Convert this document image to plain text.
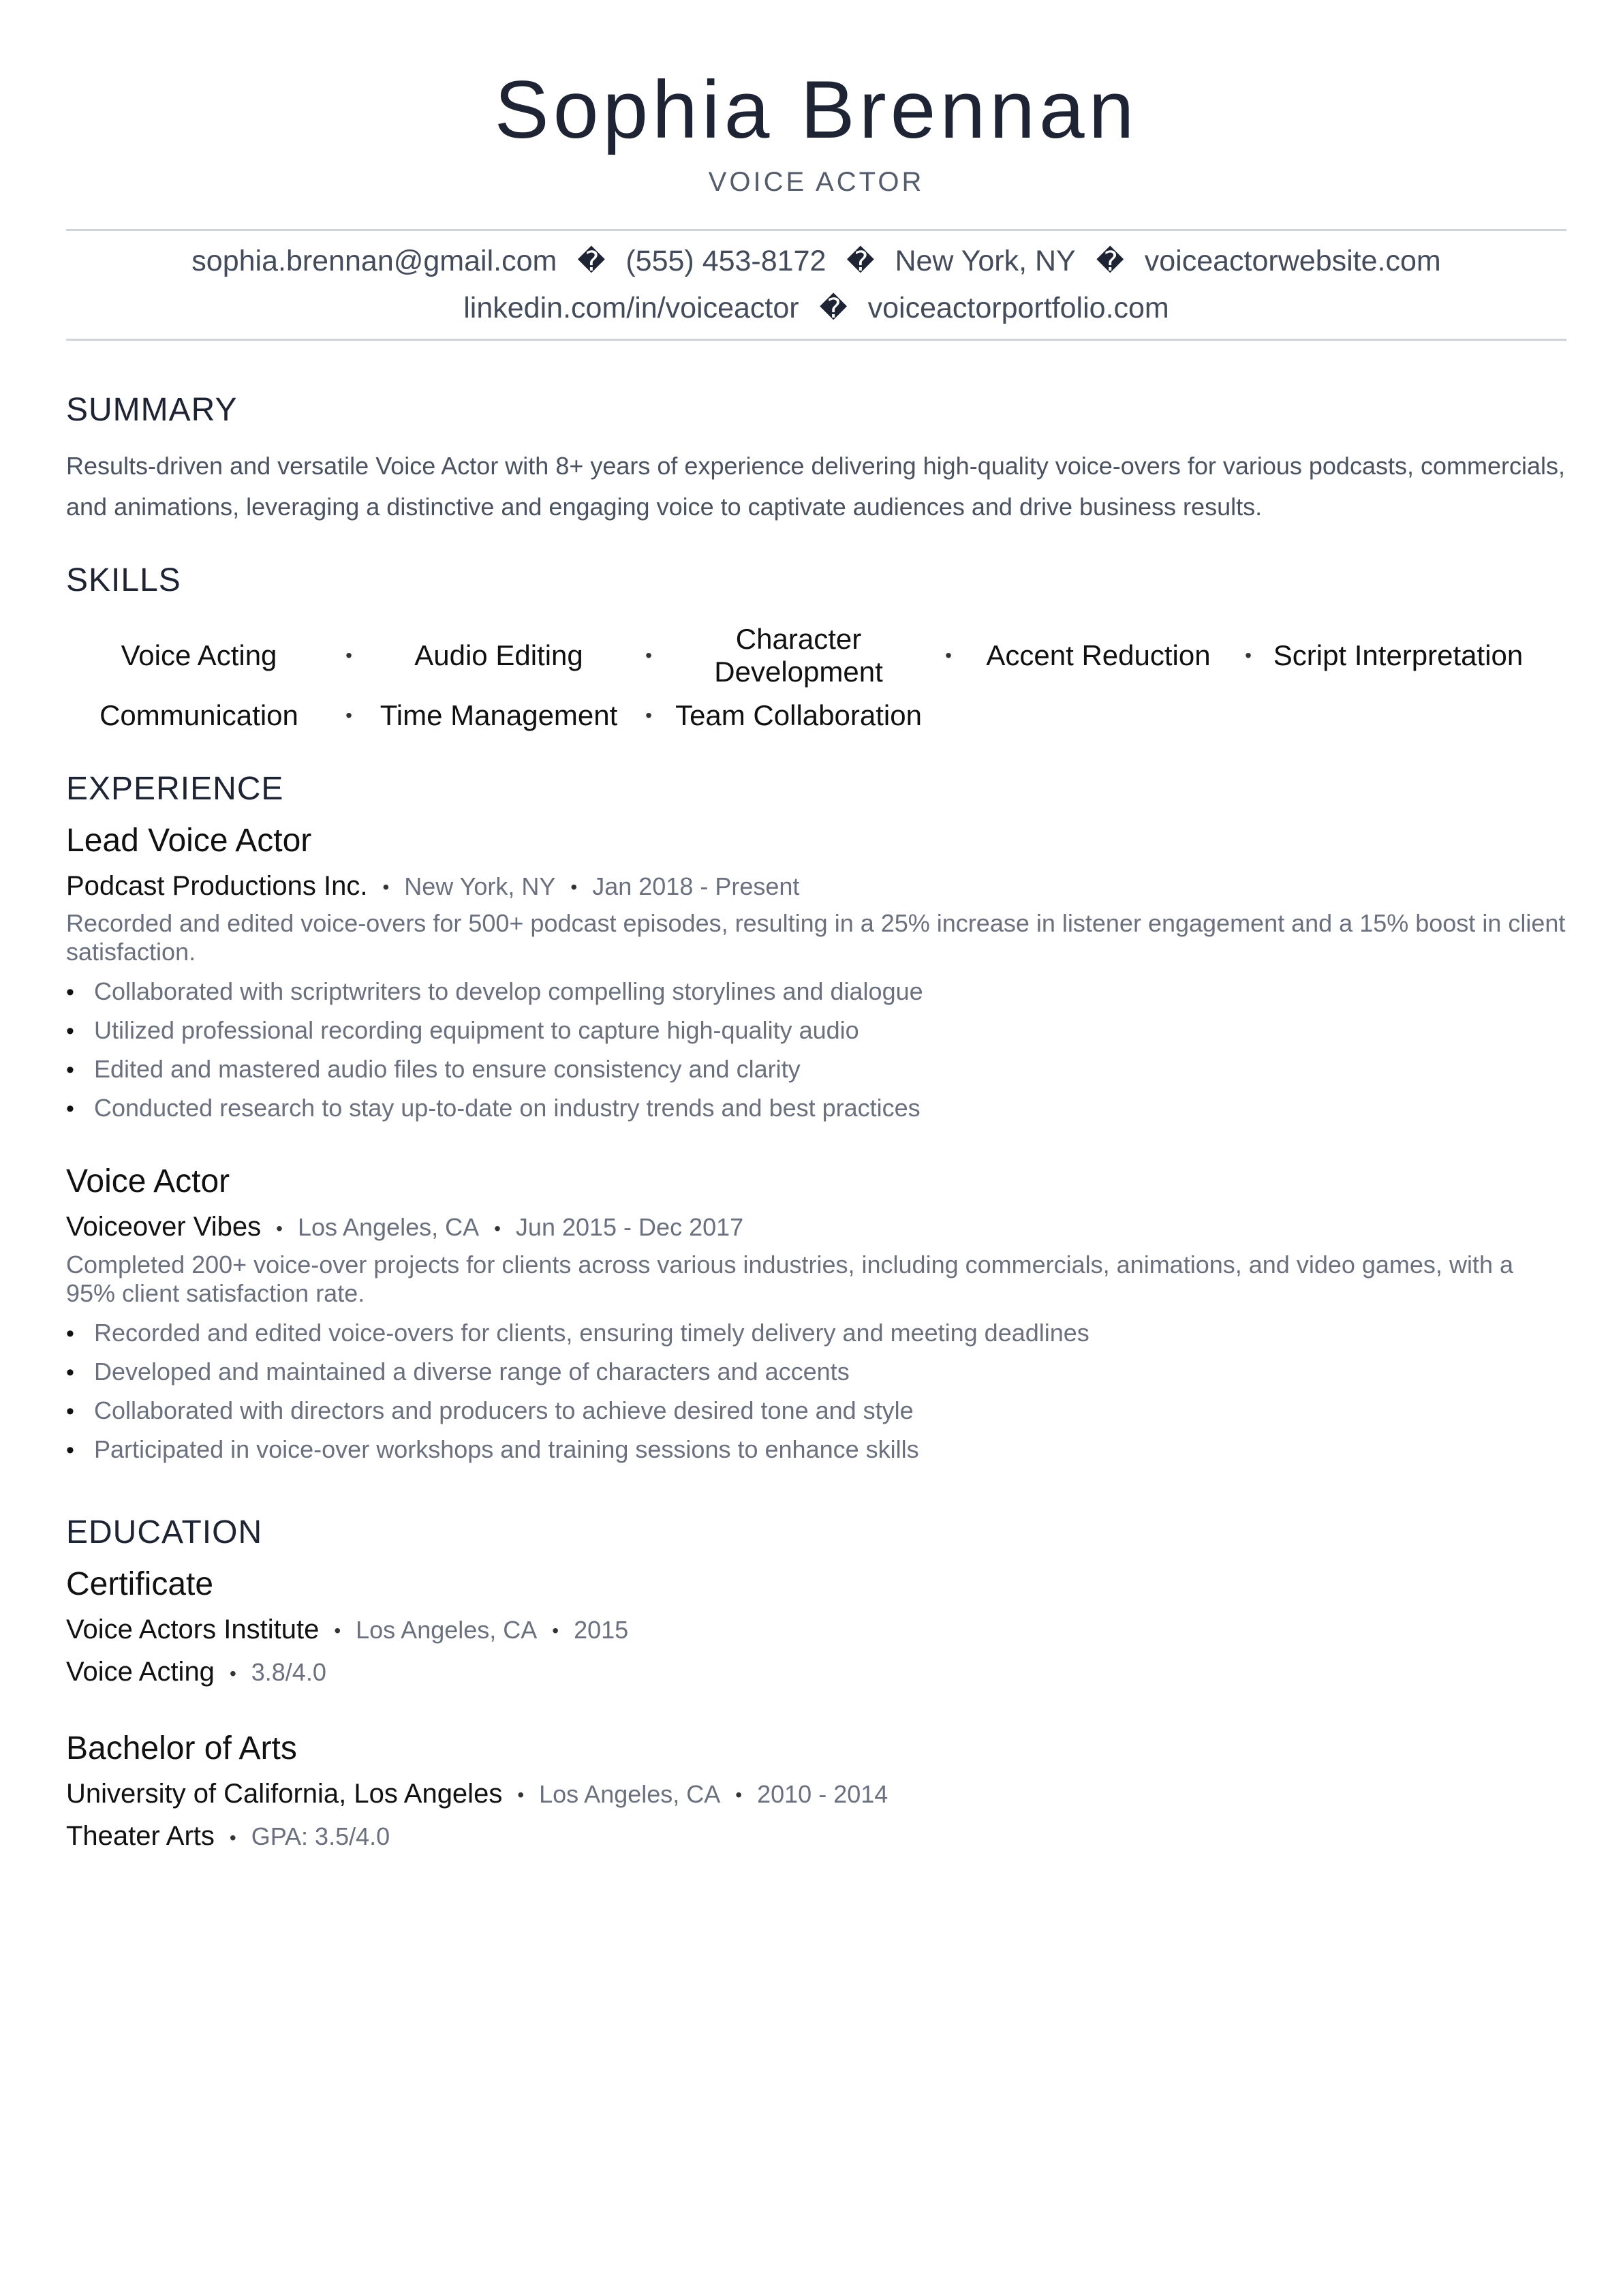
Sophia Brennan
VOICE ACTOR
sophia.brennan@gmail.com � (555) 453-8172 � New York, NY � voiceactorwebsite.com
linkedin.com/in/voiceactor � voiceactorportfolio.com
SUMMARY
Results-driven and versatile Voice Actor with 8+ years of experience delivering high-quality voice-overs for various podcasts, commercials, and animations, leveraging a distinctive and engaging voice to captivate audiences and drive business results.
SKILLS
Voice Acting	•	Audio Editing	•
Character Development
•	Accent Reduction	• Script Interpretation
Communication	• Time Management	• Team Collaboration
EXPERIENCE
Lead Voice Actor
Podcast Productions Inc. • New York, NY • Jan 2018 - Present
Recorded and edited voice-overs for 500+ podcast episodes, resulting in a 25% increase in listener engagement and a 15% boost in client satisfaction.
• Collaborated with scriptwriters to develop compelling storylines and dialogue
• Utilized professional recording equipment to capture high-quality audio
• Edited and mastered audio files to ensure consistency and clarity
• Conducted research to stay up-to-date on industry trends and best practices
Voice Actor
Voiceover Vibes • Los Angeles, CA • Jun 2015 - Dec 2017
Completed 200+ voice-over projects for clients across various industries, including commercials, animations, and video games, with a 95% client satisfaction rate.
• Recorded and edited voice-overs for clients, ensuring timely delivery and meeting deadlines
• Developed and maintained a diverse range of characters and accents
• Collaborated with directors and producers to achieve desired tone and style
• Participated in voice-over workshops and training sessions to enhance skills
EDUCATION
Certificate
Voice Actors Institute • Los Angeles, CA • 2015
Voice Acting • 3.8/4.0
Bachelor of Arts
University of California, Los Angeles • Los Angeles, CA • 2010 - 2014
Theater Arts • GPA: 3.5/4.0
